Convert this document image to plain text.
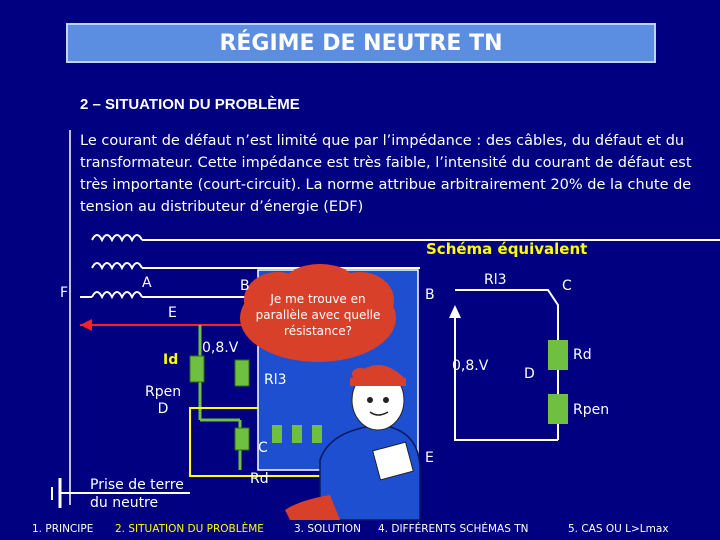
RÉGIME DE NEUTRE TN
2 – SITUATION DU PROBLÈME
Le courant de défaut n’est limité que par l’impédance : des câbles, du défaut et du transformateur. Cette impédance est très faible, l’intensité du courant de défaut est très importante (court-circuit). La norme attribue arbitrairement 20% de la chute de tension au distributeur d’énergie (EDF)
F
A	B
E
Id
0,8.V
Rpen
D
Rl3
C
Rd
Prise de terre
du neutre
Je me trouve en parallèle avec quelle résistance?
Schéma équivalent
B
Rl3	C
0,8.V	D
Rd
Rpen
E
1. PRINCIPE 2. SITUATION DU PROBLÈME	3. SOLUTION 4. DIFFÉRENTS SCHÉMAS TN	5. CAS OU L>Lmax
